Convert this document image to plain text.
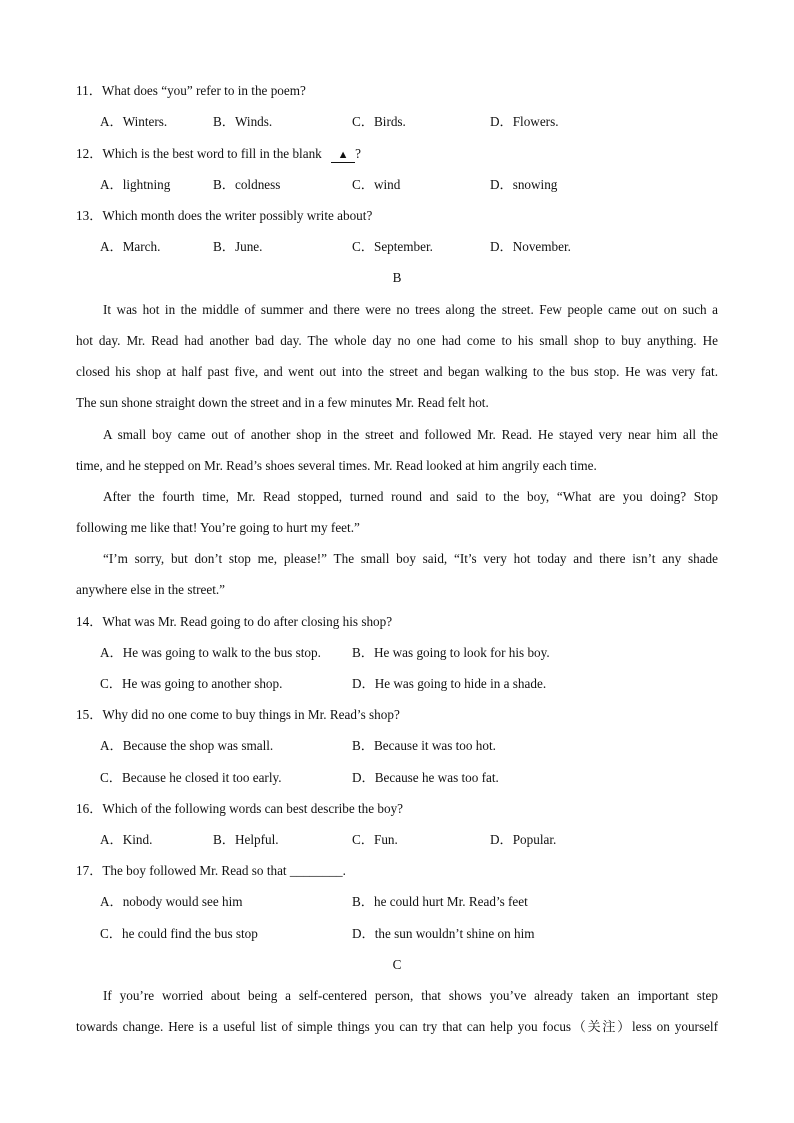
11．What does “you” refer to in the poem?
A．Winters.	B．Winds.	C．Birds.	D．Flowers.
12．Which is the best word to fill in the blank ▲ ?
A．lightning	B．coldness	C．wind	D．snowing
13．Which month does the writer possibly write about?
A．March.	B．June.	C．September.	D．November.
B
It was hot in the middle of summer and there were no trees along the street. Few people came out on such a
hot day. Mr. Read had another bad day. The whole day no one had come to his small shop to buy anything. He
closed his shop at half past five, and went out into the street and began walking to the bus stop. He was very fat.
The sun shone straight down the street and in a few minutes Mr. Read felt hot.
A small boy came out of another shop in the street and followed Mr. Read. He stayed very near him all the
time, and he stepped on Mr. Read’s shoes several times. Mr. Read looked at him angrily each time.
After the fourth time, Mr. Read stopped, turned round and said to the boy, “What are you doing? Stop
following me like that! You’re going to hurt my feet.”
“I’m sorry, but don’t stop me, please!” The small boy said, “It’s very hot today and there isn’t any shade
anywhere else in the street.”
14．What was Mr. Read going to do after closing his shop?
A．He was going to walk to the bus stop. B．He was going to look for his boy.
C．He was going to another shop.	D．He was going to hide in a shade.
15．Why did no one come to buy things in Mr. Read’s shop?
A．Because the shop was small.	B．Because it was too hot.
C．Because he closed it too early.	D．Because he was too fat.
16．Which of the following words can best describe the boy?
A．Kind.	B．Helpful.	C．Fun.	D．Popular.
17．The boy followed Mr. Read so that ________.
A．nobody would see him	B．he could hurt Mr. Read’s feet
C．he could find the bus stop	D．the sun wouldn’t shine on him
C
If you’re worried about being a self-centered person, that shows you’ve already taken an important step
towards change. Here is a useful list of simple things you can try that can help you focus（关注）less on yourself
